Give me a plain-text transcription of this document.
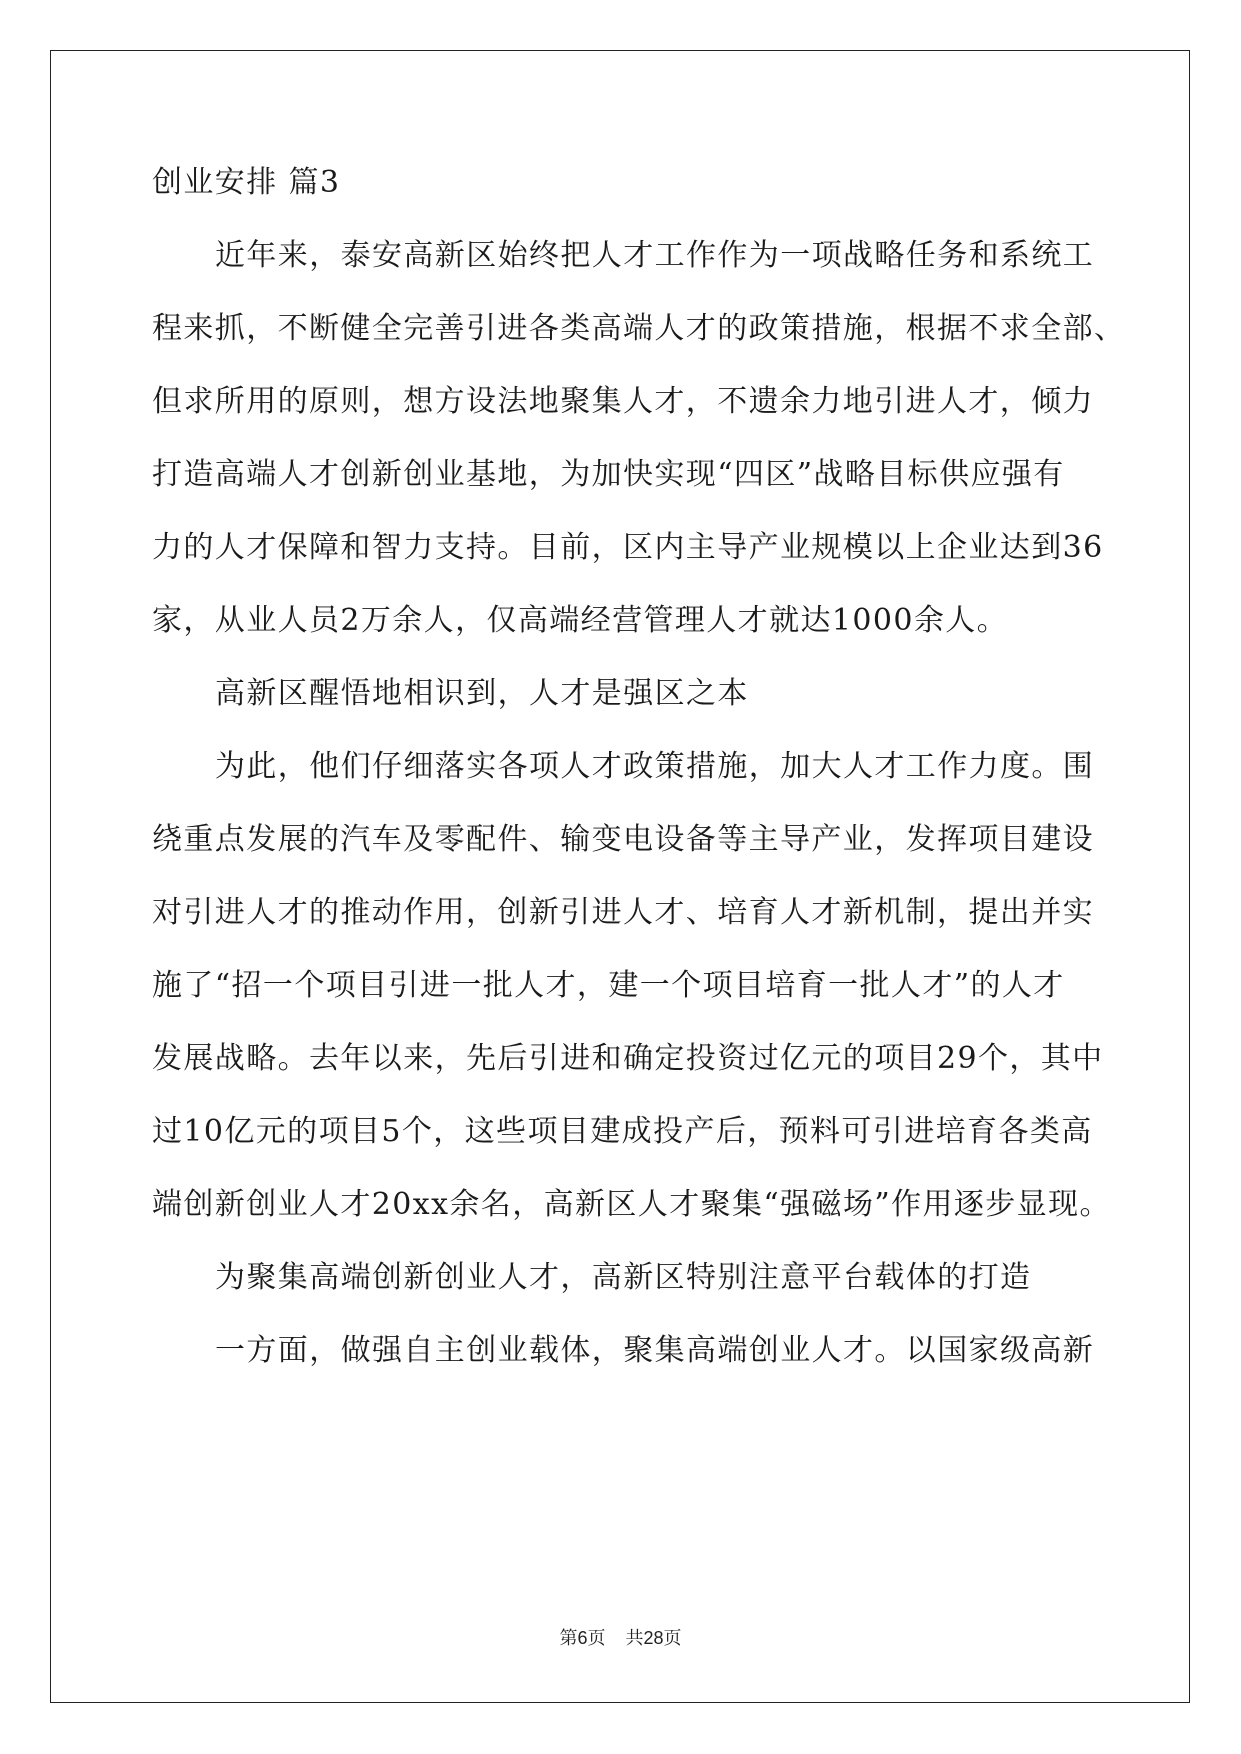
创业安排 篇3
近年来，泰安高新区始终把人才工作作为一项战略任务和系统工
程来抓，不断健全完善引进各类高端人才的政策措施，根据不求全部、
但求所用的原则，想方设法地聚集人才，不遗余力地引进人才，倾力
打造高端人才创新创业基地，为加快实现“四区”战略目标供应强有
力的人才保障和智力支持。目前，区内主导产业规模以上企业达到36
家，从业人员2万余人，仅高端经营管理人才就达1000余人。
高新区醒悟地相识到，人才是强区之本
为此，他们仔细落实各项人才政策措施，加大人才工作力度。围
绕重点发展的汽车及零配件、输变电设备等主导产业，发挥项目建设
对引进人才的推动作用，创新引进人才、培育人才新机制，提出并实
施了“招一个项目引进一批人才，建一个项目培育一批人才”的人才
发展战略。去年以来，先后引进和确定投资过亿元的项目29个，其中
过10亿元的项目5个，这些项目建成投产后，预料可引进培育各类高
端创新创业人才20xx余名，高新区人才聚集“强磁场”作用逐步显现。
为聚集高端创新创业人才，高新区特别注意平台载体的打造
一方面，做强自主创业载体，聚集高端创业人才。以国家级高新
第6页 共28页
